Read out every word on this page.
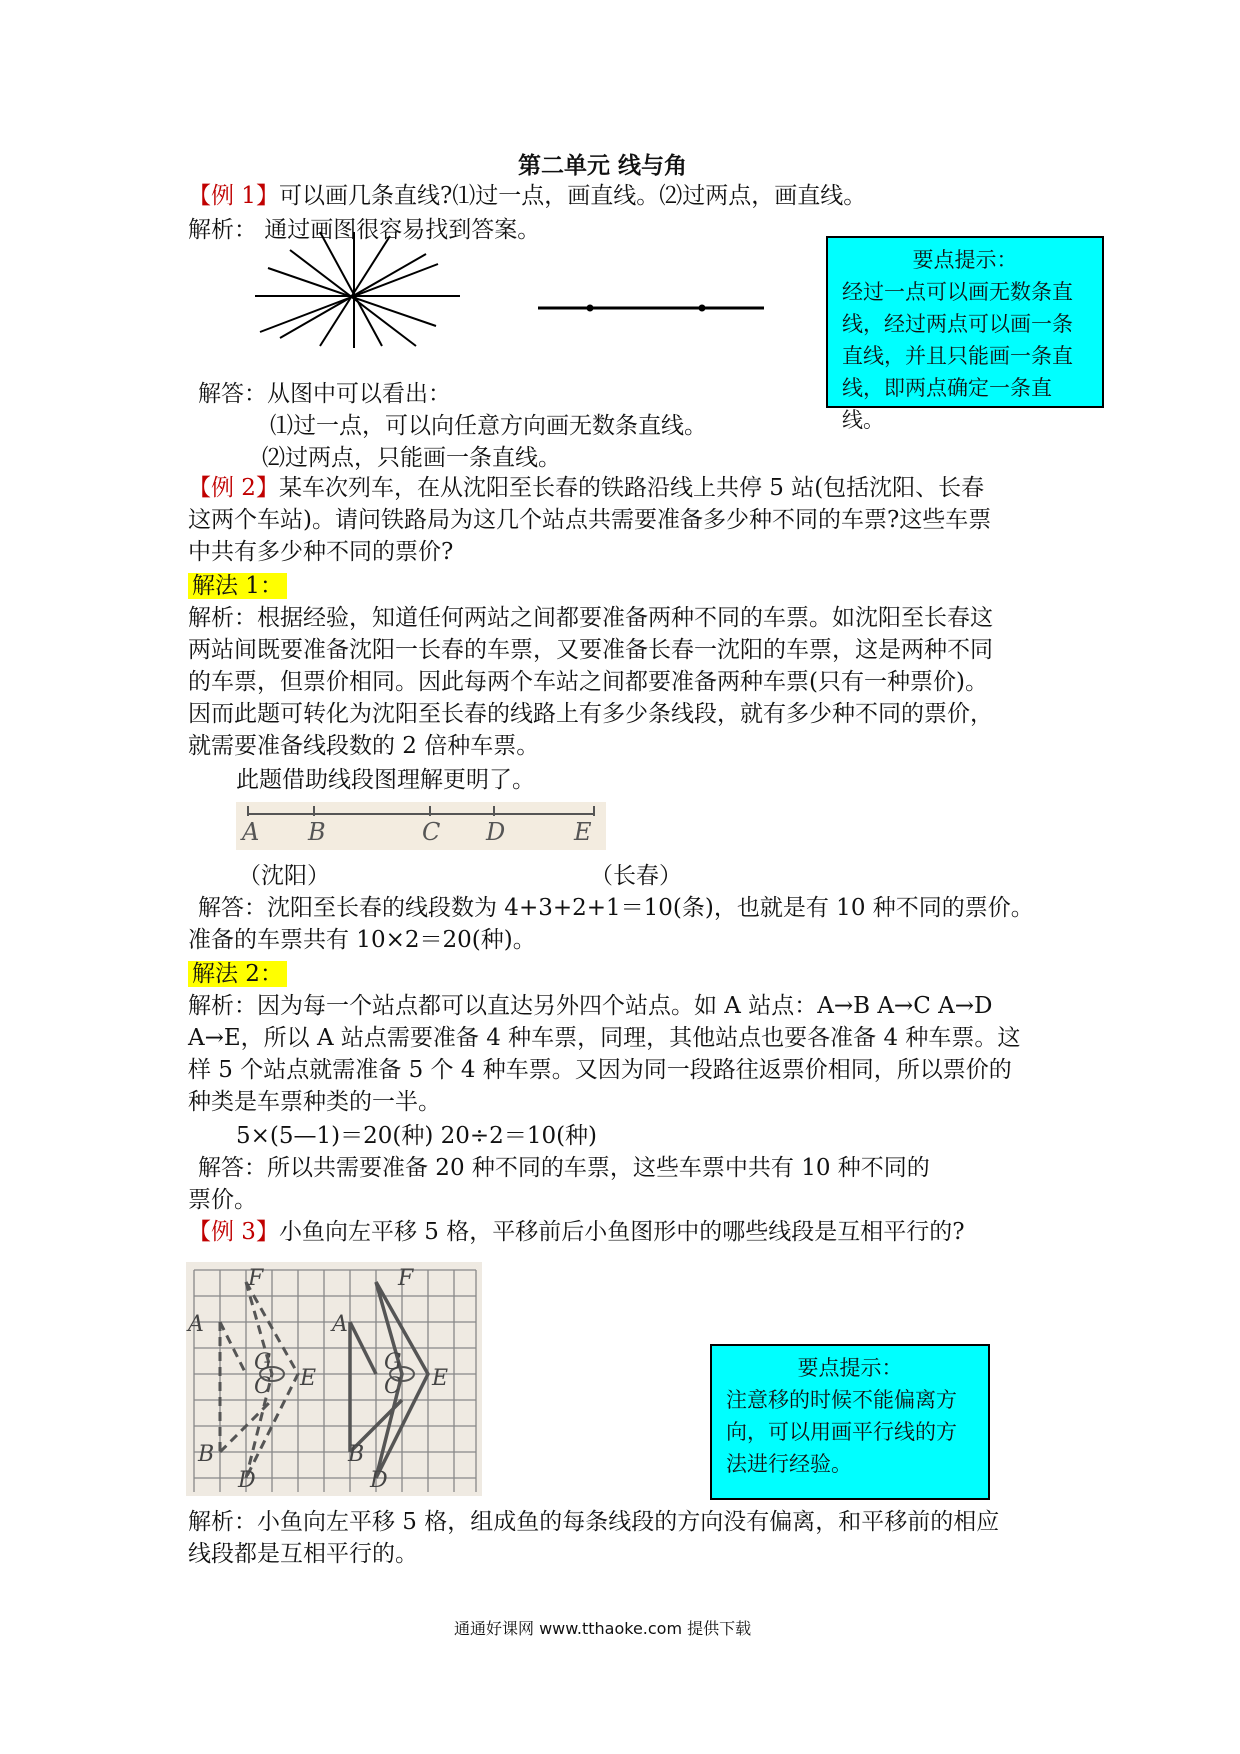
第二单元 线与角
【例 1】可以画几条直线?⑴过一点，画直线。⑵过两点，画直线。
解析： 通过画图很容易找到答案。
要点提示：
经过一点可以画无数条直
线，经过两点可以画一条
直线，并且只能画一条直
线，即两点确定一条直线。
解答：从图中可以看出：
⑴过一点，可以向任意方向画无数条直线。
⑵过两点，只能画一条直线。
【例 2】某车次列车，在从沈阳至长春的铁路沿线上共停 5 站(包括沈阳、长春
这两个车站)。请问铁路局为这几个站点共需要准备多少种不同的车票?这些车票
中共有多少种不同的票价?
解法 1：
解析：根据经验，知道任何两站之间都要准备两种不同的车票。如沈阳至长春这
两站间既要准备沈阳一长春的车票，又要准备长春一沈阳的车票，这是两种不同
的车票，但票价相同。因此每两个车站之间都要准备两种车票(只有一种票价)。
因而此题可转化为沈阳至长春的线路上有多少条线段，就有多少种不同的票价，
就需要准备线段数的 2 倍种车票。
此题借助线段图理解更明了。
A B	C D	E
（沈阳）	（长春）
解答：沈阳至长春的线段数为 4+3+2+1＝10(条)，也就是有 10 种不同的票价。
准备的车票共有 10×2＝20(种)。
解法 2：
解析：因为每一个站点都可以直达另外四个站点。如 A 站点：A→B A→C A→D
A→E，所以 A 站点需要准备 4 种车票，同理，其他站点也要各准备 4 种车票。这
样 5 个站点就需准备 5 个 4 种车票。又因为同一段路往返票价相同，所以票价的
种类是车票种类的一半。
5×(5—1)＝20(种) 20÷2＝10(种)
解答：所以共需要准备 20 种不同的车票，这些车票中共有 10 种不同的
票价。
【例 3】小鱼向左平移 5 格，平移前后小鱼图形中的哪些线段是互相平行的?
A
F
G
C E
B
D
A
F
G
C E
B
D
要点提示：
注意移的时候不能偏离方
向，可以用画平行线的方
法进行经验。
解析：小鱼向左平移 5 格，组成鱼的每条线段的方向没有偏离，和平移前的相应
线段都是互相平行的。
通通好课网 www.tthaoke.com 提供下载
